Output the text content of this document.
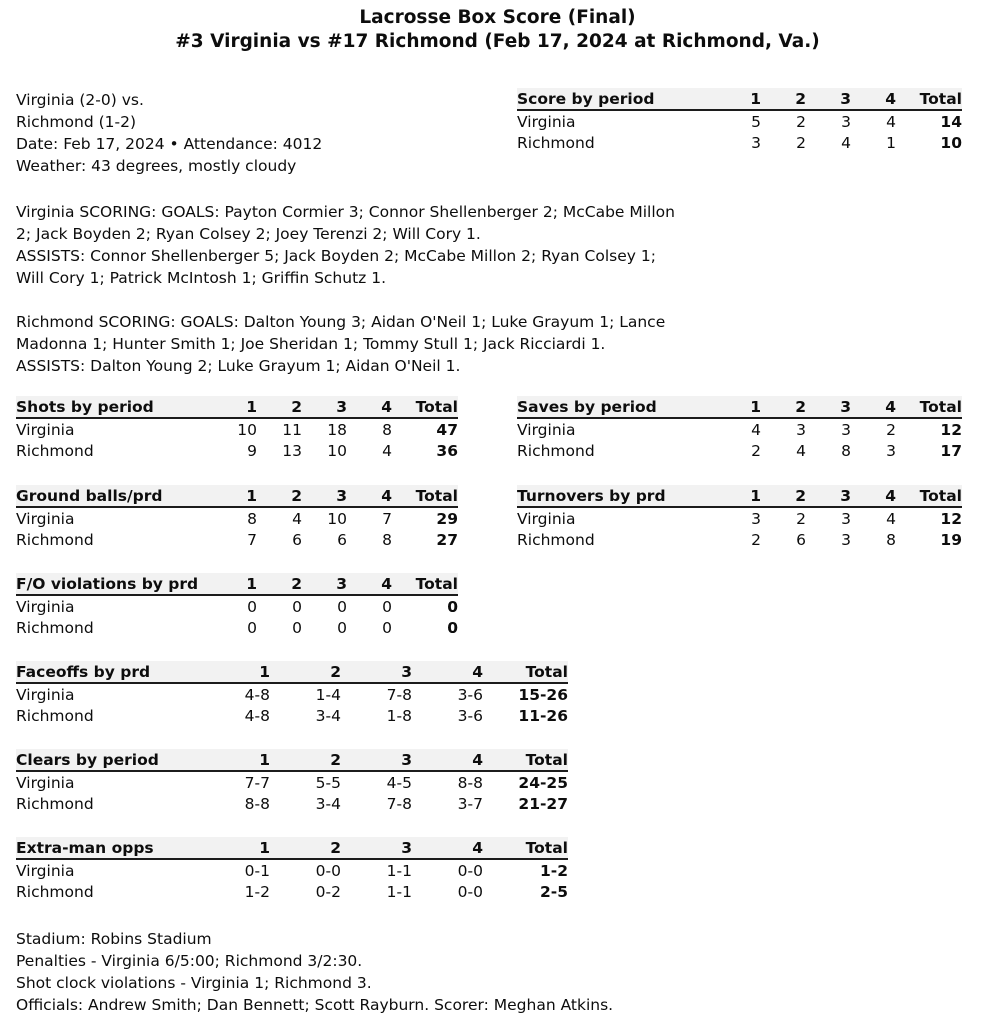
Lacrosse Box Score (Final)
#3 Virginia vs #17 Richmond (Feb 17, 2024 at Richmond, Va.)
Virginia (2-0) vs.
Richmond (1-2)
Date: Feb 17, 2024 • Attendance: 4012
Weather: 43 degrees, mostly cloudy
Score by period	1	2	3	4	Total
Virginia	5	2	3	4	14
Richmond	3	2	4	1	10
Virginia SCORING: GOALS: Payton Cormier 3; Connor Shellenberger 2; McCabe Millon
2; Jack Boyden 2; Ryan Colsey 2; Joey Terenzi 2; Will Cory 1.
ASSISTS: Connor Shellenberger 5; Jack Boyden 2; McCabe Millon 2; Ryan Colsey 1;
Will Cory 1; Patrick McIntosh 1; Griffin Schutz 1.
Richmond SCORING: GOALS: Dalton Young 3; Aidan O'Neil 1; Luke Grayum 1; Lance
Madonna 1; Hunter Smith 1; Joe Sheridan 1; Tommy Stull 1; Jack Ricciardi 1.
ASSISTS: Dalton Young 2; Luke Grayum 1; Aidan O'Neil 1.
Shots by period	1	2	3	4	Total
Virginia	10	11	18	8	47
Richmond	9	13	10	4	36
Saves by period	1	2	3	4	Total
Virginia	4	3	3	2	12
Richmond	2	4	8	3	17
Ground balls/prd	1	2	3	4	Total
Virginia	8	4	10	7	29
Richmond	7	6	6	8	27
Turnovers by prd	1	2	3	4	Total
Virginia	3	2	3	4	12
Richmond	2	6	3	8	19
F/O violations by prd	1	2	3	4	Total
Virginia	0	0	0	0	0
Richmond	0	0	0	0	0
Faceoffs by prd	1	2	3	4	Total
Virginia	4-8	1-4	7-8	3-6	15-26
Richmond	4-8	3-4	1-8	3-6	11-26
Clears by period	1	2	3	4	Total
Virginia	7-7	5-5	4-5	8-8	24-25
Richmond	8-8	3-4	7-8	3-7	21-27
Extra-man opps	1	2	3	4	Total
Virginia	0-1	0-0	1-1	0-0	1-2
Richmond	1-2	0-2	1-1	0-0	2-5
Stadium: Robins Stadium
Penalties - Virginia 6/5:00; Richmond 3/2:30.
Shot clock violations - Virginia 1; Richmond 3.
Officials: Andrew Smith; Dan Bennett; Scott Rayburn. Scorer: Meghan Atkins.
